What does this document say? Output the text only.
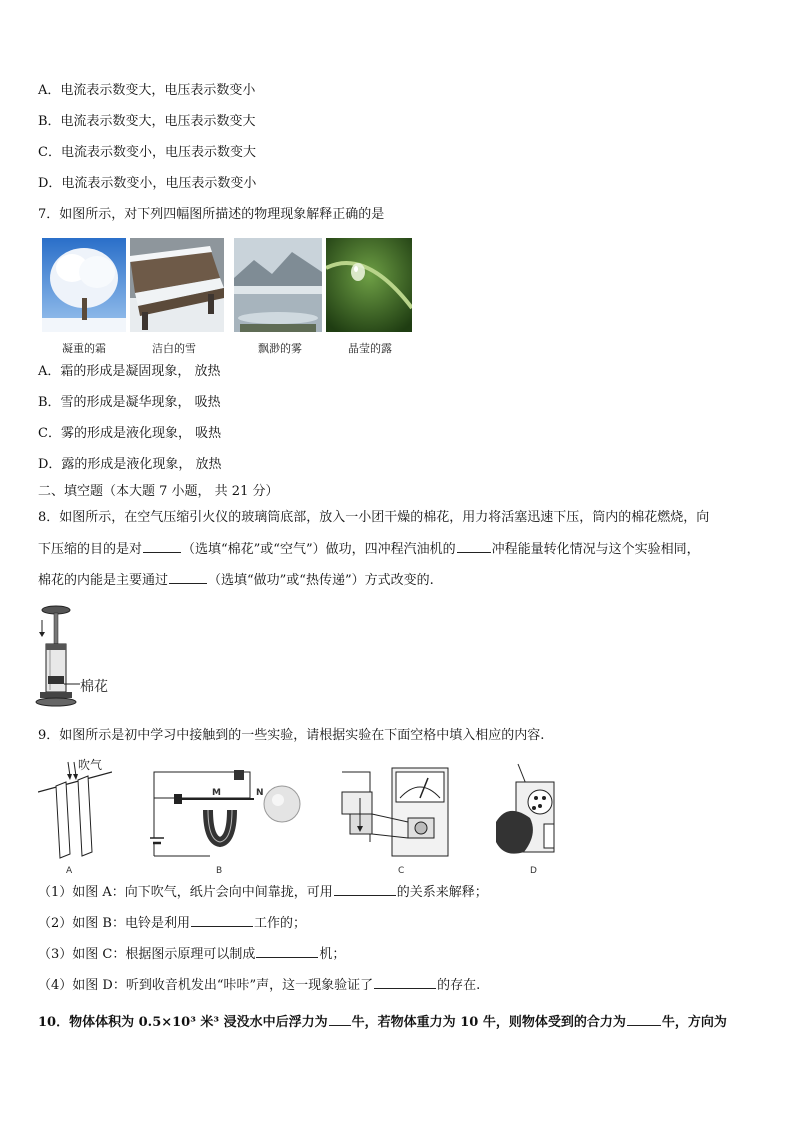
A．电流表示数变大，电压表示数变小
B．电流表示数变大，电压表示数变大
C．电流表示数变小，电压表示数变大
D．电流表示数变小，电压表示数变小
7．如图所示，对下列四幅图所描述的物理现象解释正确的是
凝重的霜	洁白的雪	飘渺的雾	晶莹的露
A．霜的形成是凝固现象， 放热
B．雪的形成是凝华现象， 吸热
C．雾的形成是液化现象， 吸热
D．露的形成是液化现象， 放热
二、填空题（本大题 7 小题， 共 21 分）
8．如图所示，在空气压缩引火仪的玻璃筒底部，放入一小团干燥的棉花，用力将活塞迅速下压，筒内的棉花燃烧，向
下压缩的目的是对	（选填“棉花”或“空气”）做功，四冲程汽油机的	冲程能量转化情况与这个实验相同，
棉花的内能是主要通过	（选填“做功”或“热传递”）方式改变的.
棉花
9．如图所示是初中学习中接触到的一些实验，请根据实验在下面空格中填入相应的内容.
吹气
M	N
A	B	C	D
（1）如图 A：向下吹气，纸片会向中间靠拢，可用	的关系来解释；
（2）如图 B：电铃是利用	工作的；
（3）如图 C：根据图示原理可以制成	机；
（4）如图 D：听到收音机发出“咔咔”声，这一现象验证了	的存在.
10．物体体积为 0.5×10³ 米³ 浸没水中后浮力为 牛，若物体重力为 10 牛，则物体受到的合力为	牛，方向为
